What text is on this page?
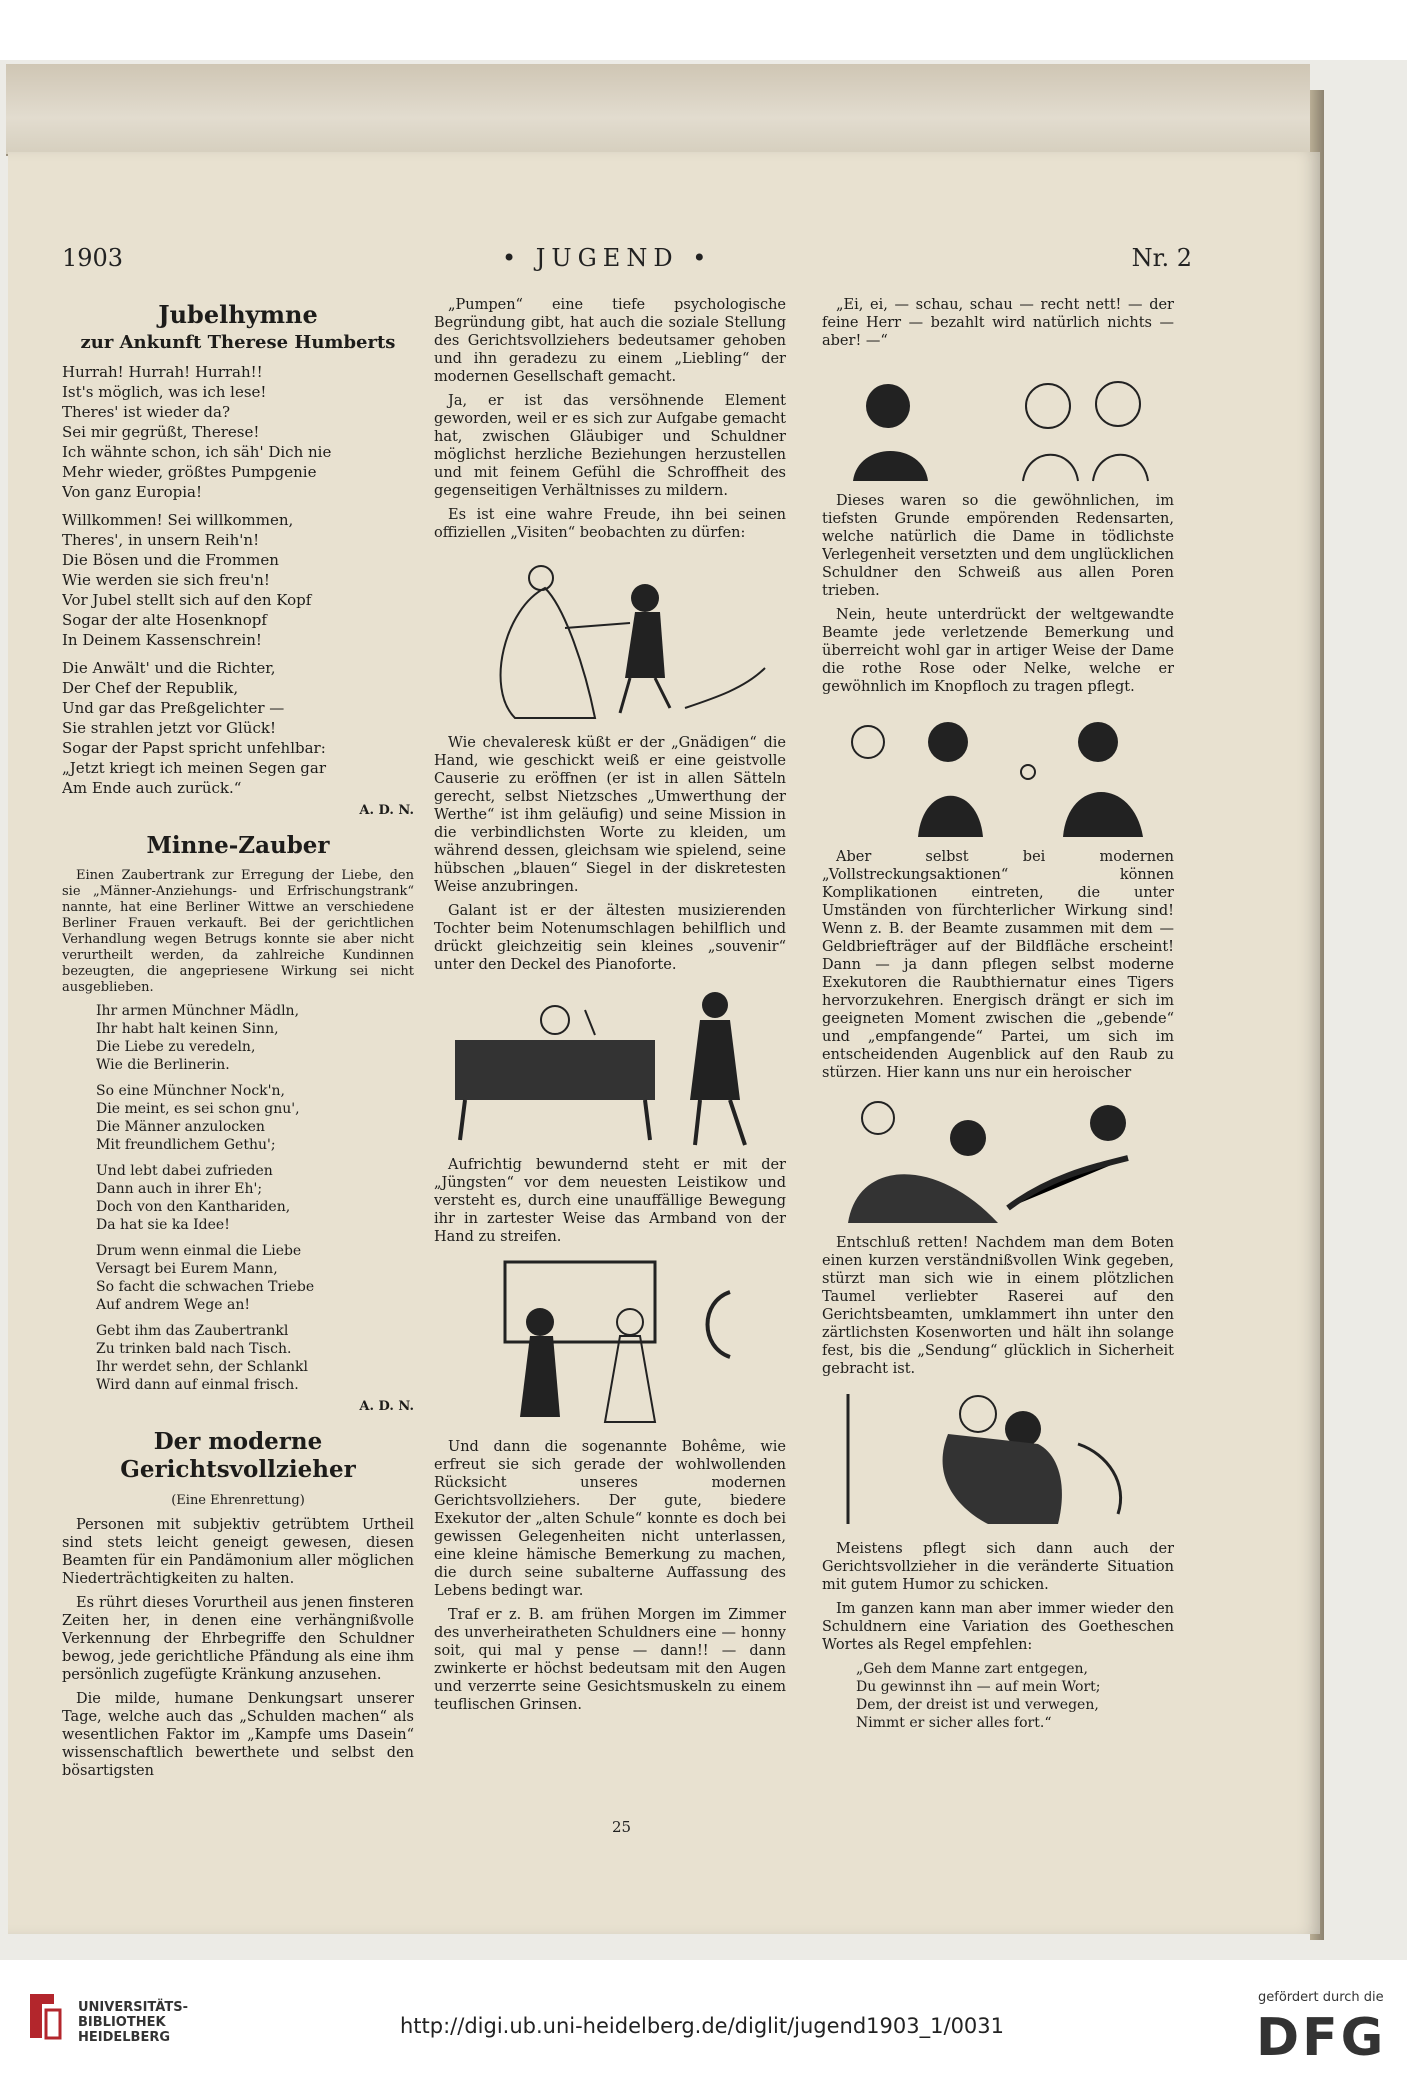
1903	• JUGEND •	Nr. 2
Jubelhymne
zur Ankunft Therese Humberts
Hurrah! Hurrah! Hurrah!!
Ist's möglich, was ich lese!
Theres' ist wieder da?
Sei mir gegrüßt, Therese!
Ich wähnte schon, ich säh' Dich nie
Mehr wieder, größtes Pumpgenie
Von ganz Europia!
Willkommen! Sei willkommen,
Theres', in unsern Reih'n!
Die Bösen und die Frommen
Wie werden sie sich freu'n!
Vor Jubel stellt sich auf den Kopf
Sogar der alte Hosenknopf
In Deinem Kassenschrein!
Die Anwält' und die Richter,
Der Chef der Republik,
Und gar das Preßgelichter —
Sie strahlen jetzt vor Glück!
Sogar der Papst spricht unfehlbar:
„Jetzt kriegt ich meinen Segen gar
Am Ende auch zurück.“
A. D. N.
Minne-Zauber
Einen Zaubertrank zur Erregung der Liebe, den sie „Männer-Anziehungs- und Erfrischungstrank“ nannte, hat eine Berliner Wittwe an verschiedene Berliner Frauen verkauft. Bei der gerichtlichen Verhandlung wegen Betrugs konnte sie aber nicht verurtheilt werden, da zahlreiche Kundinnen bezeugten, die angepriesene Wirkung sei nicht ausgeblieben.
Ihr armen Münchner Mädln,
Ihr habt halt keinen Sinn,
Die Liebe zu veredeln,
Wie die Berlinerin.
So eine Münchner Nock'n,
Die meint, es sei schon gnu',
Die Männer anzulocken
Mit freundlichem Gethu';
Und lebt dabei zufrieden
Dann auch in ihrer Eh';
Doch von den Kanthariden,
Da hat sie ka Idee!
Drum wenn einmal die Liebe
Versagt bei Eurem Mann,
So facht die schwachen Triebe
Auf andrem Wege an!
Gebt ihm das Zaubertrankl
Zu trinken bald nach Tisch.
Ihr werdet sehn, der Schlankl
Wird dann auf einmal frisch.
A. D. N.
Der moderne Gerichtsvollzieher
(Eine Ehrenrettung)
Personen mit subjektiv getrübtem Urtheil sind stets leicht geneigt gewesen, diesen Beamten für ein Pandämonium aller möglichen Niederträchtigkeiten zu halten.
Es rührt dieses Vorurtheil aus jenen finsteren Zeiten her, in denen eine verhängnißvolle Verkennung der Ehrbegriffe den Schuldner bewog, jede gerichtliche Pfändung als eine ihm persönlich zugefügte Kränkung anzusehen.
Die milde, humane Denkungsart unserer Tage, welche auch das „Schulden machen“ als wesentlichen Faktor im „Kampfe ums Dasein“ wissenschaftlich bewerthete und selbst den bösartigsten
„Pumpen“ eine tiefe psychologische Begründung gibt, hat auch die soziale Stellung des Gerichtsvollziehers bedeutsamer gehoben und ihn geradezu zu einem „Liebling“ der modernen Gesellschaft gemacht.
Ja, er ist das versöhnende Element geworden, weil er es sich zur Aufgabe gemacht hat, zwischen Gläubiger und Schuldner möglichst herzliche Beziehungen herzustellen und mit feinem Gefühl die Schroffheit des gegenseitigen Verhältnisses zu mildern.
Es ist eine wahre Freude, ihn bei seinen offiziellen „Visiten“ beobachten zu dürfen:
Wie chevaleresk küßt er der „Gnädigen“ die Hand, wie geschickt weiß er eine geistvolle Causerie zu eröffnen (er ist in allen Sätteln gerecht, selbst Nietzsches „Umwerthung der Werthe“ ist ihm geläufig) und seine Mission in die verbindlichsten Worte zu kleiden, um während dessen, gleichsam wie spielend, seine hübschen „blauen“ Siegel in der diskretesten Weise anzubringen.
Galant ist er der ältesten musizierenden Tochter beim Notenumschlagen behilflich und drückt gleichzeitig sein kleines „souvenir“ unter den Deckel des Pianoforte.
Aufrichtig bewundernd steht er mit der „Jüngsten“ vor dem neuesten Leistikow und versteht es, durch eine unauffällige Bewegung ihr in zartester Weise das Armband von der Hand zu streifen.
Und dann die sogenannte Bohême, wie erfreut sie sich gerade der wohlwollenden Rücksicht unseres modernen Gerichtsvollziehers. Der gute, biedere Exekutor der „alten Schule“ konnte es doch bei gewissen Gelegenheiten nicht unterlassen, eine kleine hämische Bemerkung zu machen, die durch seine subalterne Auffassung des Lebens bedingt war.
Traf er z. B. am frühen Morgen im Zimmer des unverheiratheten Schuldners eine — honny soit, qui mal y pense — dann!! — dann zwinkerte er höchst bedeutsam mit den Augen und verzerrte seine Gesichtsmuskeln zu einem teuflischen Grinsen.
„Ei, ei, — schau, schau — recht nett! — der feine Herr — bezahlt wird natürlich nichts — aber! —“
Dieses waren so die gewöhnlichen, im tiefsten Grunde empörenden Redensarten, welche natürlich die Dame in tödlichste Verlegenheit versetzten und dem unglücklichen Schuldner den Schweiß aus allen Poren trieben.
Nein, heute unterdrückt der weltgewandte Beamte jede verletzende Bemerkung und überreicht wohl gar in artiger Weise der Dame die rothe Rose oder Nelke, welche er gewöhnlich im Knopfloch zu tragen pflegt.
Aber selbst bei modernen „Vollstreckungsaktionen“ können Komplikationen eintreten, die unter Umständen von fürchterlicher Wirkung sind! Wenn z. B. der Beamte zusammen mit dem — Geldbriefträger auf der Bildfläche erscheint! Dann — ja dann pflegen selbst moderne Exekutoren die Raubthiernatur eines Tigers hervorzukehren. Energisch drängt er sich im geeigneten Moment zwischen die „gebende“ und „empfangende“ Partei, um sich im entscheidenden Augenblick auf den Raub zu stürzen. Hier kann uns nur ein heroischer
Entschluß retten! Nachdem man dem Boten einen kurzen verständnißvollen Wink gegeben, stürzt man sich wie in einem plötzlichen Taumel verliebter Raserei auf den Gerichtsbeamten, umklammert ihn unter den zärtlichsten Kosenworten und hält ihn solange fest, bis die „Sendung“ glücklich in Sicherheit gebracht ist.
Meistens pflegt sich dann auch der Gerichtsvollzieher in die veränderte Situation mit gutem Humor zu schicken.
Im ganzen kann man aber immer wieder den Schuldnern eine Variation des Goetheschen Wortes als Regel empfehlen:
„Geh dem Manne zart entgegen,
Du gewinnst ihn — auf mein Wort;
Dem, der dreist ist und verwegen,
Nimmt er sicher alles fort.“
25
UNIVERSITÄTS-
BIBLIOTHEK
HEIDELBERG	http://digi.ub.uni-heidelberg.de/diglit/jugend1903_1/0031
gefördert durch die
DFG
